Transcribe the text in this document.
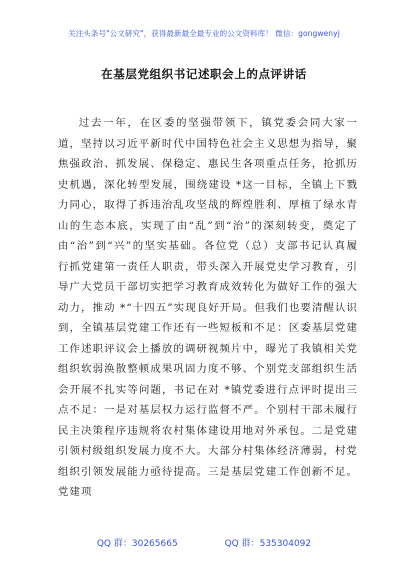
关注头条号"公文研究"，获得最新最全最专业的公文资料库！ 微信：gongwenyj
在基层党组织书记述职会上的点评讲话

过去一年，在区委的坚强带领下，镇党委会同大家一道，坚持以习近平新时代中国特色社会主义思想为指导，聚焦强政治、抓发展、保稳定、惠民生各项重点任务，抢抓历史机遇，深化转型发展，围绕建设 *这一目标，全镇上下戮力同心，取得了拆违治乱攻坚战的辉煌胜利、厚植了绿水青山的生态本底，实现了由“乱”到“治”的深刻转变，奠定了由“治”到“兴”的坚实基础。各位党（总）支部书记认真履行抓党建第一责任人职责，带头深入开展党史学习教育，引导广大党员干部切实把学习教育成效转化为做好工作的强大动力，推动 *“十四五”实现良好开局。但我们也要清醒认识到，全镇基层党建工作还有一些短板和不足：区委基层党建工作述职评议会上播放的调研视频片中，曝光了我镇相关党组织软弱涣散整顿成果巩固力度不够、个别党支部组织生活会开展不扎实等问题，书记在对 *镇党委进行点评时提出三点不足：一是对基层权力运行监督不严。个别村干部未履行民主决策程序违规将农村集体建设用地对外承包。二是党建引领村级组织发展力度不大。大部分村集体经济薄弱，村党组织引领发展能力亟待提高。三是基层党建工作创新不足。党建项

QQ 群：30265665	QQ 群：535304092
